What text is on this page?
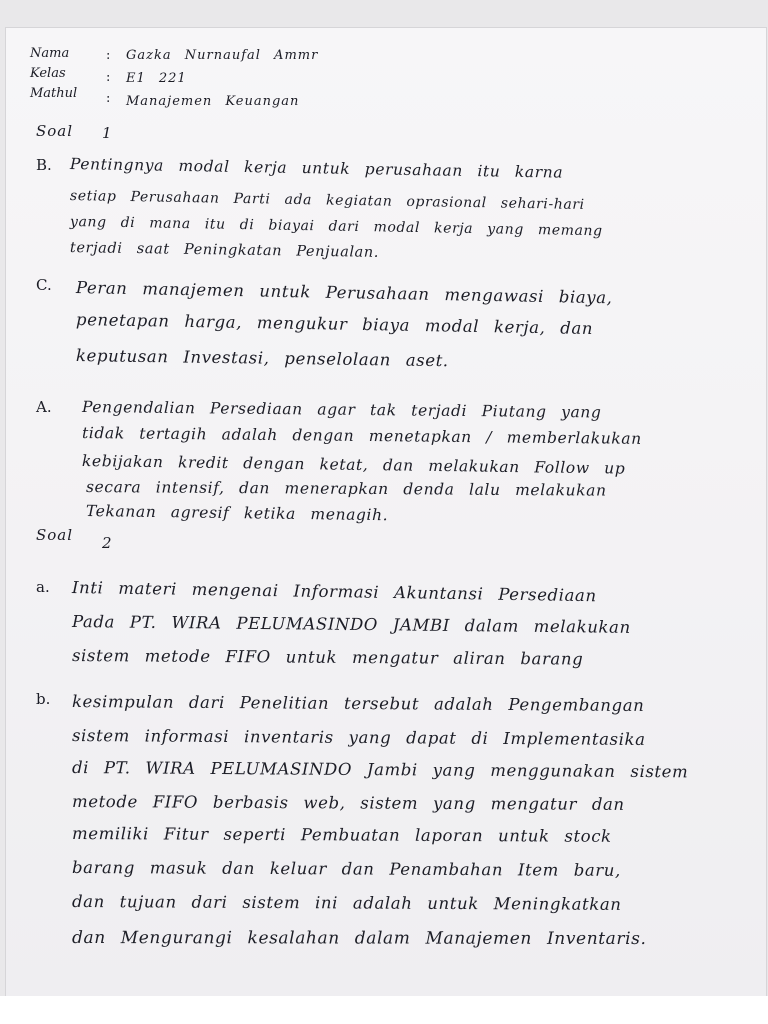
Nama	: Gazka Nurnaufal Ammr
Kelas	: E1 221
Mathul : Manajemen Keuangan
Soal 1
B. Pentingnya modal kerja untuk perusahaan itu karna
setiap Perusahaan Parti ada kegiatan oprasional sehari-hari
yang di mana itu di biayai dari modal kerja yang memang
terjadi saat Peningkatan Penjualan.
C. Peran manajemen untuk Perusahaan mengawasi biaya,
penetapan harga, mengukur biaya modal kerja, dan
keputusan Investasi, penselolaan aset.
A. Pengendalian Persediaan agar tak terjadi Piutang yang
tidak tertagih adalah dengan menetapkan / memberlakukan
kebijakan kredit dengan ketat, dan melakukan Follow up
secara intensif, dan menerapkan denda lalu melakukan
Tekanan agresif ketika menagih.
Soal 2
a. Inti materi mengenai Informasi Akuntansi Persediaan
Pada PT. WIRA PELUMASINDO JAMBI dalam melakukan
sistem metode FIFO untuk mengatur aliran barang
b. kesimpulan dari Penelitian tersebut adalah Pengembangan
sistem informasi inventaris yang dapat di Implementasika
di PT. WIRA PELUMASINDO Jambi yang menggunakan sistem
metode FIFO berbasis web, sistem yang mengatur dan
memiliki Fitur seperti Pembuatan laporan untuk stock
barang masuk dan keluar dan Penambahan Item baru,
dan tujuan dari sistem ini adalah untuk Meningkatkan
dan Mengurangi kesalahan dalam Manajemen Inventaris.
